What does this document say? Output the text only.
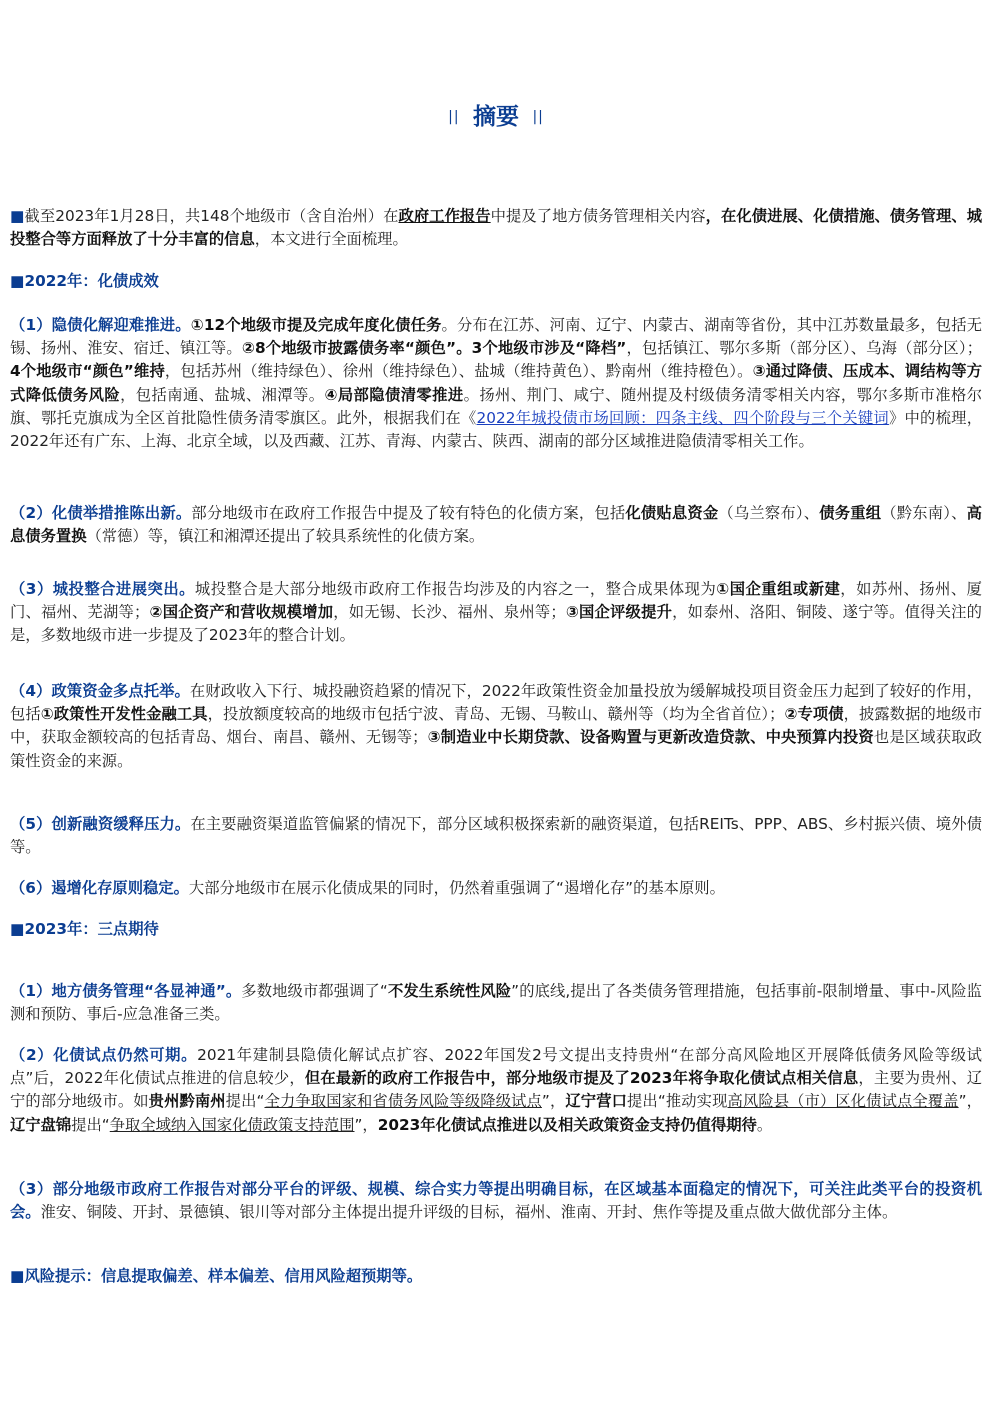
|| 摘要 ||
■截至2023年1月28日，共148个地级市（含自治州）在政府工作报告中提及了地方债务管理相关内容，在化债进展、化债措施、债务管理、城投整合等方面释放了十分丰富的信息，本文进行全面梳理。
■2022年：化债成效
（1）隐债化解迎难推进。①12个地级市提及完成年度化债任务。分布在江苏、河南、辽宁、内蒙古、湖南等省份，其中江苏数量最多，包括无锡、扬州、淮安、宿迁、镇江等。②8个地级市披露债务率“颜色”。3个地级市涉及“降档”，包括镇江、鄂尔多斯（部分区）、乌海（部分区）；4个地级市“颜色”维持，包括苏州（维持绿色）、徐州（维持绿色）、盐城（维持黄色）、黔南州（维持橙色）。③通过降债、压成本、调结构等方式降低债务风险，包括南通、盐城、湘潭等。④局部隐债清零推进。扬州、荆门、咸宁、随州提及村级债务清零相关内容，鄂尔多斯市准格尔旗、鄂托克旗成为全区首批隐性债务清零旗区。此外，根据我们在《2022年城投债市场回顾：四条主线、四个阶段与三个关键词》中的梳理，2022年还有广东、上海、北京全域，以及西藏、江苏、青海、内蒙古、陕西、湖南的部分区域推进隐债清零相关工作。
（2）化债举措推陈出新。部分地级市在政府工作报告中提及了较有特色的化债方案，包括化债贴息资金（乌兰察布）、债务重组（黔东南）、高息债务置换（常德）等，镇江和湘潭还提出了较具系统性的化债方案。
（3）城投整合进展突出。城投整合是大部分地级市政府工作报告均涉及的内容之一，整合成果体现为①国企重组或新建，如苏州、扬州、厦门、福州、芜湖等；②国企资产和营收规模增加，如无锡、长沙、福州、泉州等；③国企评级提升，如泰州、洛阳、铜陵、遂宁等。值得关注的是，多数地级市进一步提及了2023年的整合计划。
（4）政策资金多点托举。在财政收入下行、城投融资趋紧的情况下，2022年政策性资金加量投放为缓解城投项目资金压力起到了较好的作用，包括①政策性开发性金融工具，投放额度较高的地级市包括宁波、青岛、无锡、马鞍山、赣州等（均为全省首位）；②专项债，披露数据的地级市中，获取金额较高的包括青岛、烟台、南昌、赣州、无锡等；③制造业中长期贷款、设备购置与更新改造贷款、中央预算内投资也是区域获取政策性资金的来源。
（5）创新融资缓释压力。在主要融资渠道监管偏紧的情况下，部分区域积极探索新的融资渠道，包括REITs、PPP、ABS、乡村振兴债、境外债等。
（6）遏增化存原则稳定。大部分地级市在展示化债成果的同时，仍然着重强调了“遏增化存”的基本原则。
■2023年：三点期待
（1）地方债务管理“各显神通”。多数地级市都强调了“不发生系统性风险”的底线,提出了各类债务管理措施，包括事前-限制增量、事中-风险监测和预防、事后-应急准备三类。
（2）化债试点仍然可期。2021年建制县隐债化解试点扩容、2022年国发2号文提出支持贵州“在部分高风险地区开展降低债务风险等级试点”后，2022年化债试点推进的信息较少，但在最新的政府工作报告中，部分地级市提及了2023年将争取化债试点相关信息，主要为贵州、辽宁的部分地级市。如贵州黔南州提出“全力争取国家和省债务风险等级降级试点”，辽宁营口提出“推动实现高风险县（市）区化债试点全覆盖”，辽宁盘锦提出“争取全域纳入国家化债政策支持范围”，2023年化债试点推进以及相关政策资金支持仍值得期待。
（3）部分地级市政府工作报告对部分平台的评级、规模、综合实力等提出明确目标，在区域基本面稳定的情况下，可关注此类平台的投资机会。淮安、铜陵、开封、景德镇、银川等对部分主体提出提升评级的目标，福州、淮南、开封、焦作等提及重点做大做优部分主体。
■风险提示：信息提取偏差、样本偏差、信用风险超预期等。
